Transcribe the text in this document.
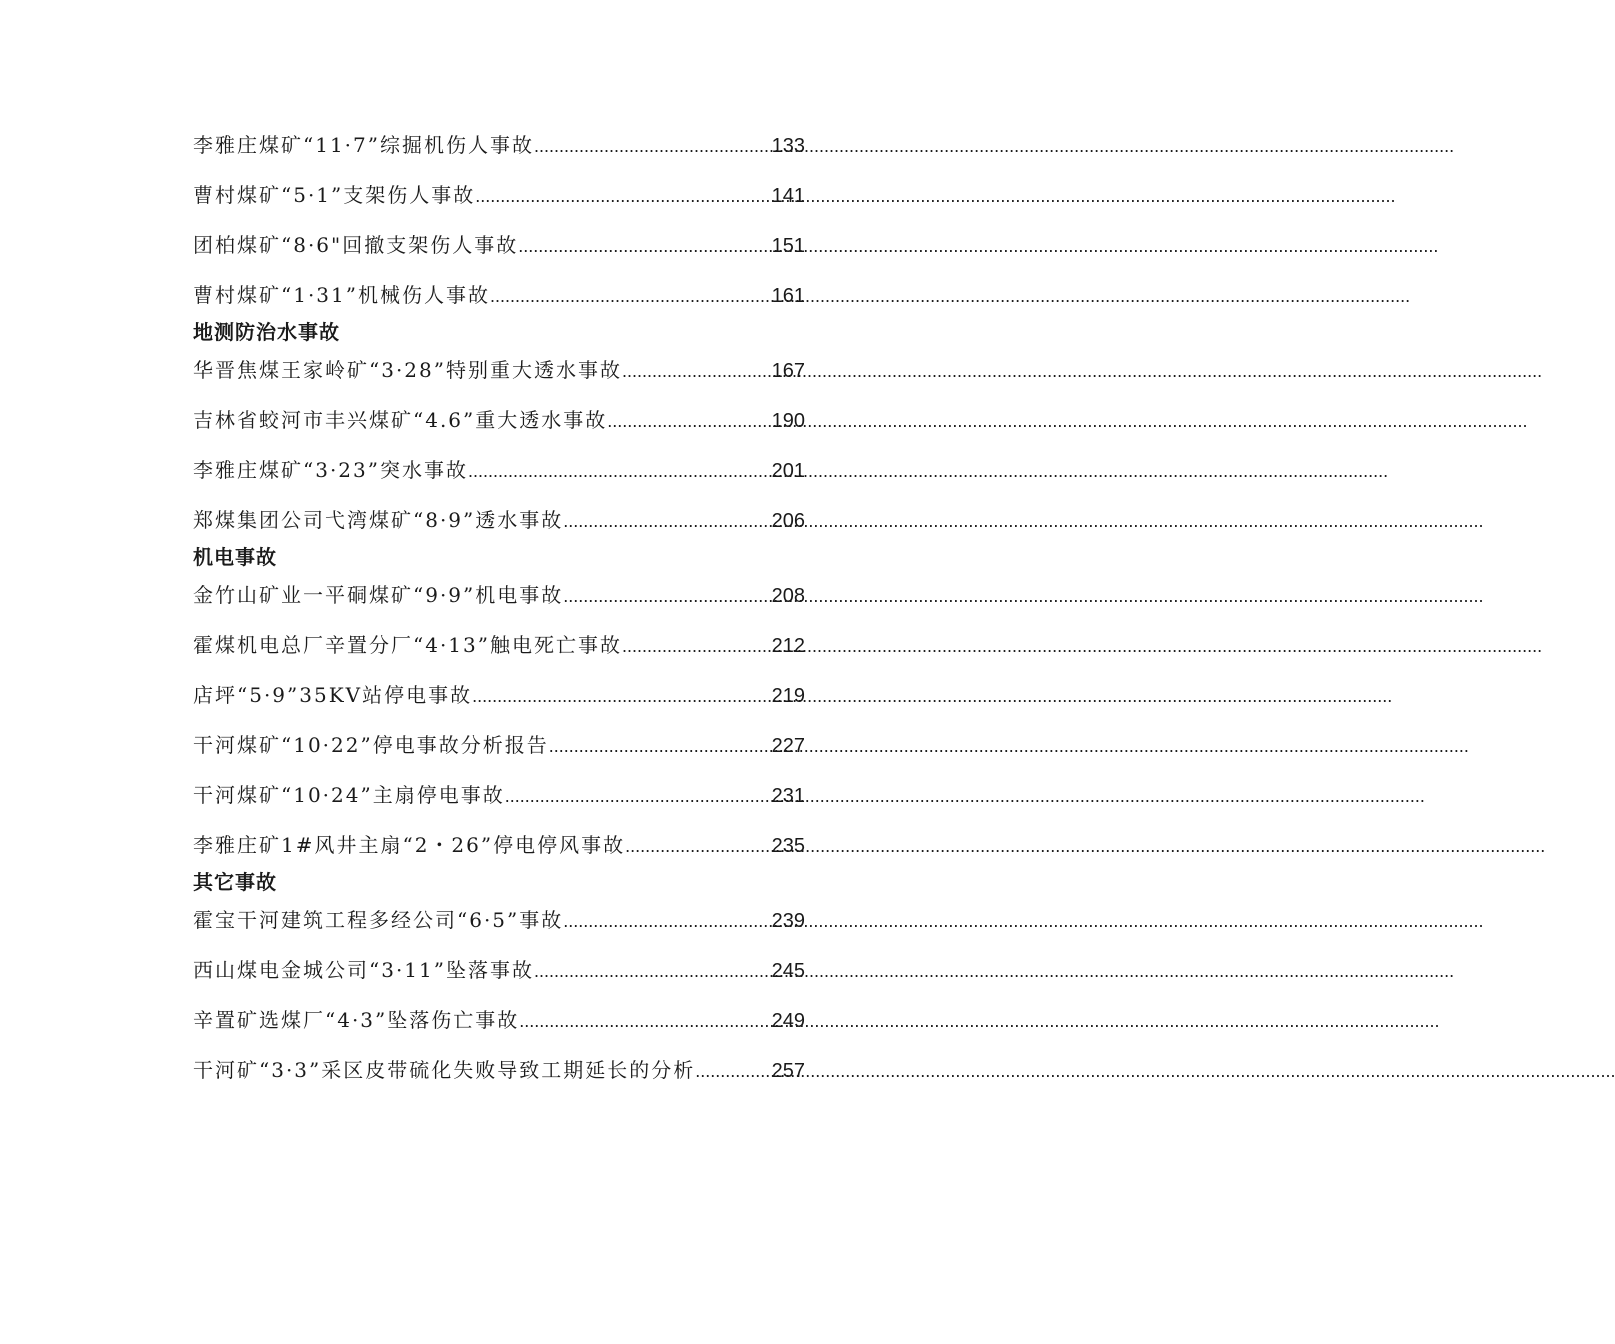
李雅庄煤矿“11·7”综掘机伤人事故 .....	133
曹村煤矿“5·1”支架伤人事故 .....	141
团柏煤矿“8·6"回撤支架伤人事故 .....	151
曹村煤矿“1·31”机械伤人事故 .....	161
地测防治水事故
华晋焦煤王家岭矿“3·28”特别重大透水事故 .....	167
吉林省蛟河市丰兴煤矿“4.6”重大透水事故 .....	190
李雅庄煤矿“3·23”突水事故 .....	201
郑煤集团公司弋湾煤矿“8·9”透水事故 .....	206
机电事故
金竹山矿业一平硐煤矿“9·9”机电事故 .....	208
霍煤机电总厂辛置分厂“4·13”触电死亡事故 .....	212
店坪“5·9”35KV站停电事故 .....	219
干河煤矿“10·22”停电事故分析报告 .....	227
干河煤矿“10·24”主扇停电事故 .....	231
李雅庄矿1#风井主扇“2・26”停电停风事故 .....	235
其它事故
霍宝干河建筑工程多经公司“6·5”事故 .....	239
西山煤电金城公司“3·11”坠落事故 .....	245
辛置矿选煤厂“4·3”坠落伤亡事故 .....	249
干河矿“3·3”采区皮带硫化失败导致工期延长的分析 .....	257
